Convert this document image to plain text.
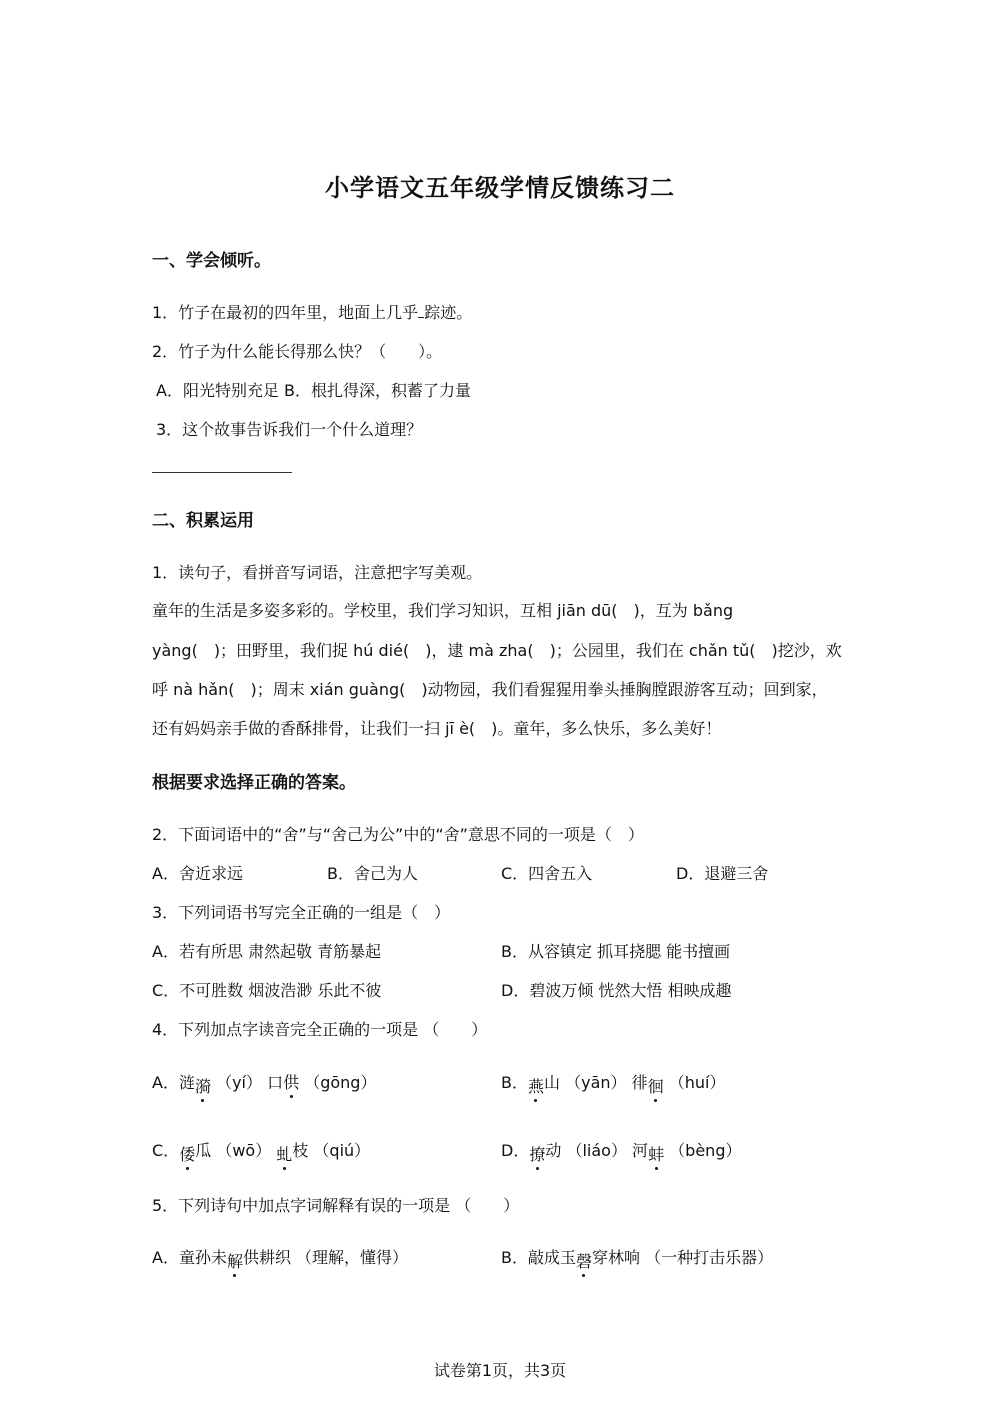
小学语文五年级学情反馈练习二
一、学会倾听。
1．竹子在最初的四年里，地面上几乎 踪迹。
2．竹子为什么能长得那么快？（　　）。
A．阳光特别充足 B．根扎得深，积蓄了力量
3．这个故事告诉我们一个什么道理？
二、积累运用
1．读句子，看拼音写词语，注意把字写美观。
童年的生活是多姿多彩的。学校里，我们学习知识，互相 jiān dū(　)，互为 bǎng
yàng(　)；田野里，我们捉 hú dié(　)，逮 mà zha(　)；公园里，我们在 chǎn tǔ(　)挖沙，欢
呼 nà hǎn(　)；周末 xián guàng(　)动物园，我们看猩猩用拳头捶胸膛跟游客互动；回到家，
还有妈妈亲手做的香酥排骨，让我们一扫 jī è(　)。童年，多么快乐，多么美好！
根据要求选择正确的答案。
2．下面词语中的“舍”与“舍己为公”中的“舍”意思不同的一项是（　）
A．舍近求远	B．舍己为人	C．四舍五入	D．退避三舍
3．下列词语书写完全正确的一组是（　）
A．若有所思 肃然起敬 青筋暴起	B．从容镇定 抓耳挠腮 能书擅画
C．不可胜数 烟波浩渺 乐此不彼	D．碧波万倾 恍然大悟 相映成趣
4．下列加点字读音完全正确的一项是 （　　）
A．涟漪 （yí） 口供 （gōng）	B．燕山 （yān） 徘徊 （huí）
C．倭瓜 （wō） 虬枝 （qiú）	D．撩动 （liáo） 河蚌 （bèng）
5．下列诗句中加点字词解释有误的一项是 （　　）
A．童孙未解供耕织 （理解，懂得）	B．敲成玉磬穿林响 （一种打击乐器）
试卷第1页，共3页
